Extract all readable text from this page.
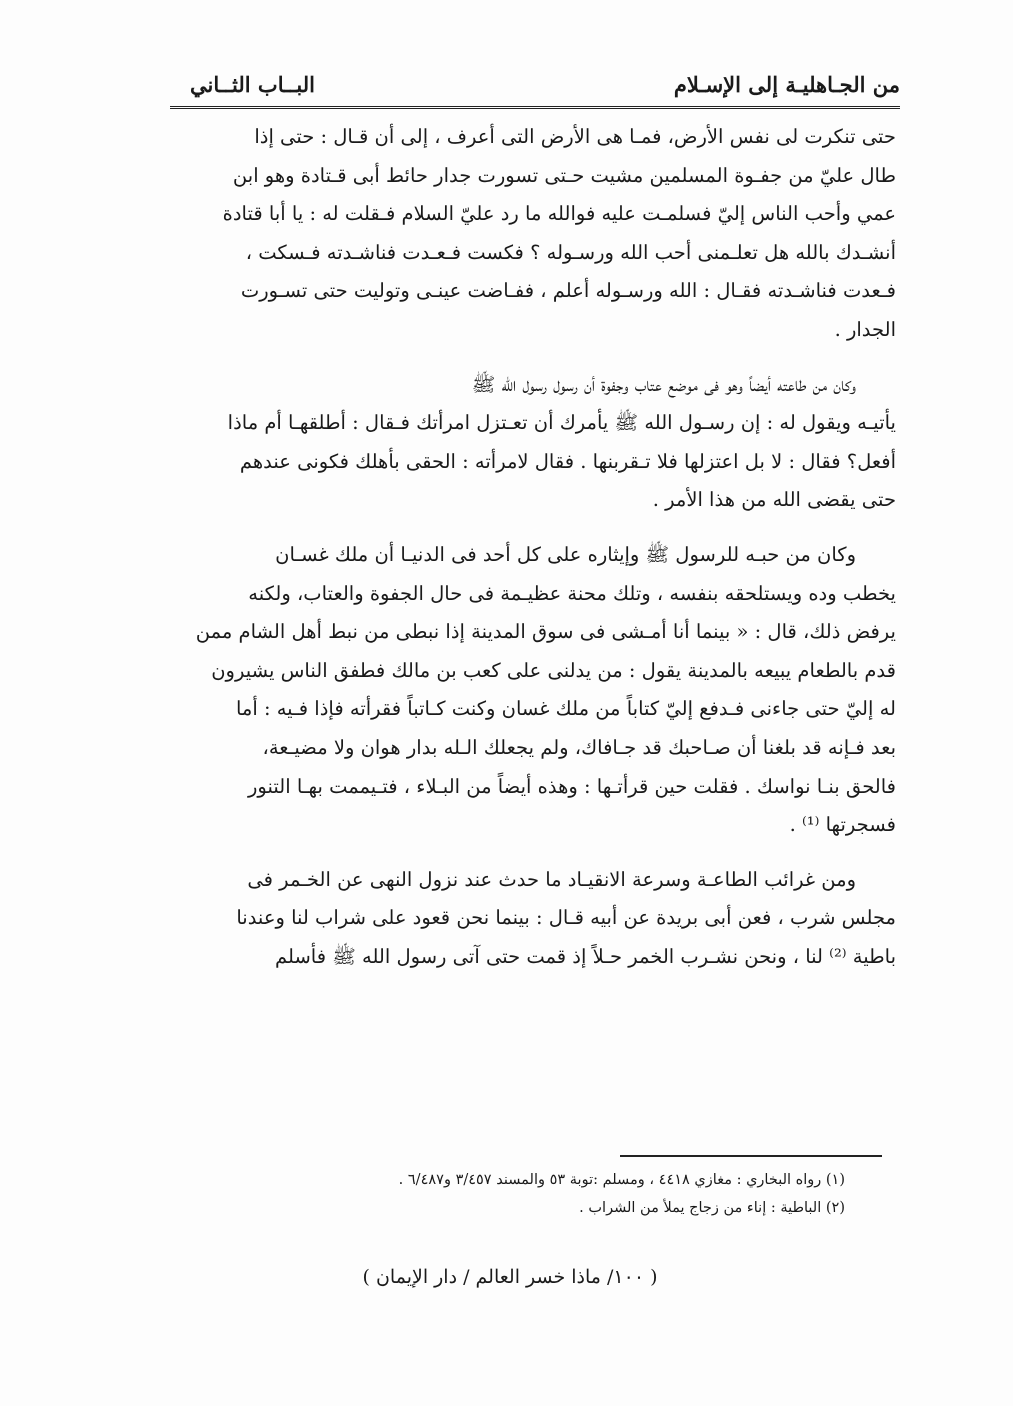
من الجـاهليـة إلى الإسـلام
البــاب الثــاني
حتى تنكرت لى نفس الأرض، فمـا هى الأرض التى أعرف ، إلى أن قـال : حتى إذا
طال عليّ من جفـوة المسلمين مشيت حـتى تسورت جدار حائط أبى قـتادة وهو ابن
عمي وأحب الناس إليّ فسلمـت عليه فوالله ما رد عليّ السلام فـقلت له : يا أبا قتادة
أنشـدك بالله هل تعلـمنى أحب الله ورسـوله ؟ فكست فـعـدت فناشـدته فـسكت ،
فـعدت فناشـدته فقـال : الله ورسـوله أعلم ، ففـاضت عينـى وتوليت حتى تسـورت
الجدار .
وكان من طاعته أيضاً وهو فى موضع عتاب وجفوة أن رسول رسول الله ﷺ
يأتيـه ويقول له : إن رسـول الله ﷺ يأمرك أن تعـتزل امرأتك فـقال : أطلقهـا أم ماذا
أفعل؟ فقال : لا بل اعتزلها فلا تـقربنها . فقال لامرأته : الحقى بأهلك فكونى عندهم
حتى يقضى الله من هذا الأمر .
وكان من حبـه للرسول ﷺ وإيثاره على كل أحد فى الدنيـا أن ملك غسـان
يخطب وده ويستلحقه بنفسه ، وتلك محنة عظيـمة فى حال الجفوة والعتاب، ولكنه
يرفض ذلك، قال : « بينما أنا أمـشى فى سوق المدينة إذا نبطى من نبط أهل الشام ممن
قدم بالطعام يبيعه بالمدينة يقول : من يدلنى على كعب بن مالك فطفق الناس يشيرون
له إليّ حتى جاءنى فـدفع إليّ كتاباً من ملك غسان وكنت كـاتباً فقرأته فإذا فـيه : أما
بعد فـإنه قد بلغنا أن صـاحبك قد جـافاك، ولم يجعلك الـله بدار هوان ولا مضيـعة،
فالحق بنـا نواسك . فقلت حين قرأتـها : وهذه أيضاً من البـلاء ، فتـيممت بهـا التنور
فسجرتها ⁽¹⁾ .
ومن غرائب الطاعـة وسرعة الانقيـاد ما حدث عند نزول النهى عن الخـمر فى
مجلس شرب ، فعن أبى بريدة عن أبيه قـال : بينما نحن قعود على شراب لنا وعندنا
باطية ⁽²⁾ لنا ، ونحن نشـرب الخمر حـلاً إذ قمت حتى آتى رسول الله ﷺ فأسلم

(١) رواه البخاري : مغازي ٤٤١٨ ، ومسلم :توبة ٥٣ والمسند ٣/٤٥٧ و٦/٤٨٧ .

(٢) الباطية : إناء من زجاج يملأ من الشراب .

( ١٠٠/ ماذا خسر العالم / دار الإيمان )
